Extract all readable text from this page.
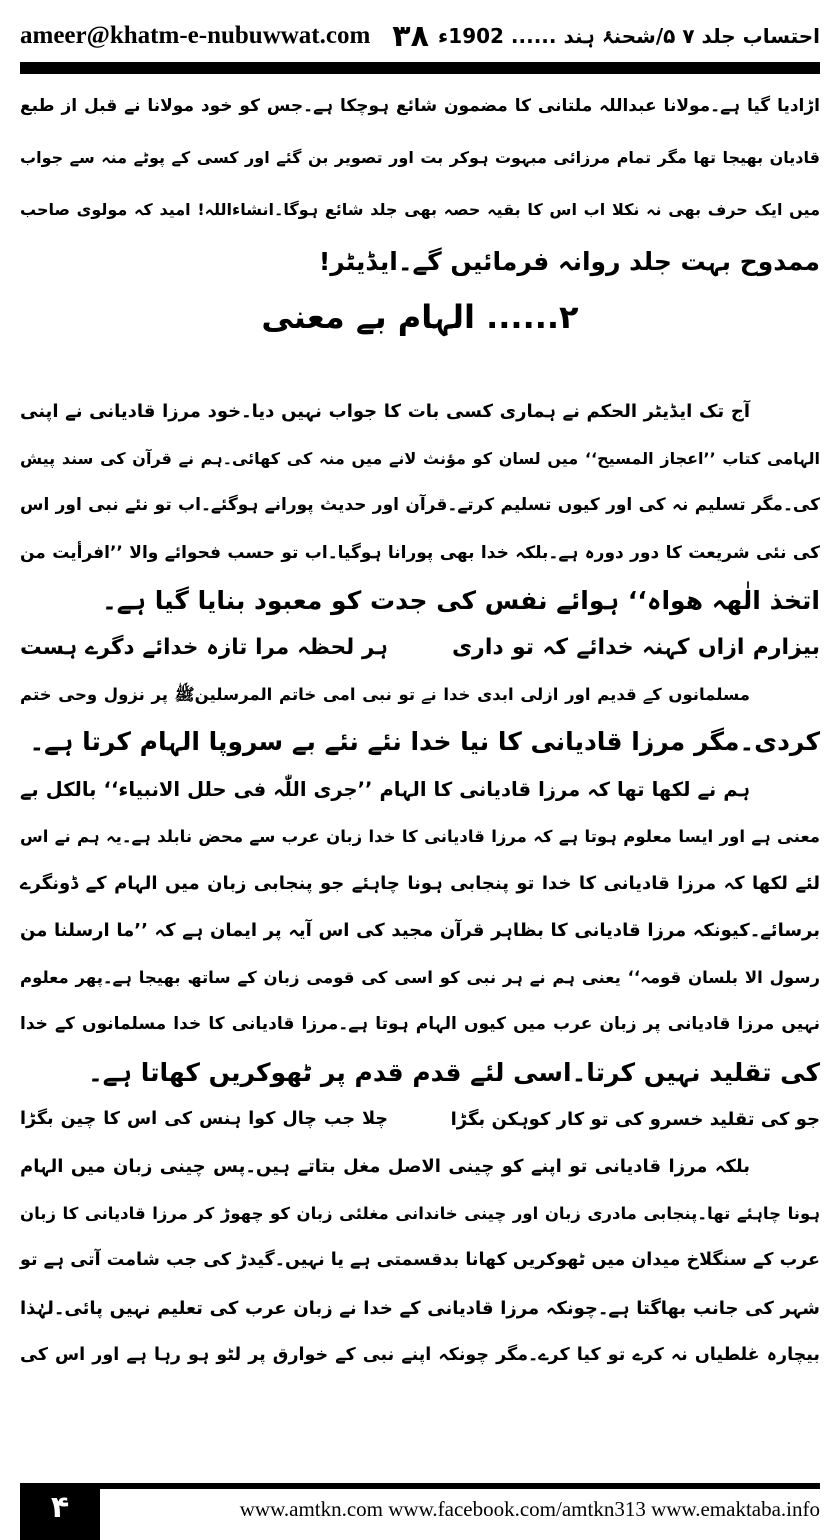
ameer@khatm-e-nubuwwat.com ۳۸ احتساب جلد ۷ ۵/شحنۂ ہند ...... 1902ء
اڑادیا گیا ہے۔مولانا عبداللہ ملتانی کا مضمون شائع ہوچکا ہے۔جس کو خود مولانا نے قبل از طبع
قادیان بھیجا تھا مگر تمام مرزائی مبہوت ہوکر بت اور تصویر بن گئے اور کسی کے پوٹے منہ سے جواب
میں ایک حرف بھی نہ نکلا اب اس کا بقیہ حصہ بھی جلد شائع ہوگا۔انشاءاللہ! امید کہ مولوی صاحب
ممدوح بہت جلد روانہ فرمائیں گے۔ایڈیٹر!
۲...... الہام بے معنی
آج تک ایڈیٹر الحکم نے ہماری کسی بات کا جواب نہیں دیا۔خود مرزا قادیانی نے اپنی
الہامی کتاب ’’اعجاز المسیح‘‘ میں لسان کو مؤنث لانے میں منہ کی کھائی۔ہم نے قرآن کی سند پیش
کی۔مگر تسلیم نہ کی اور کیوں تسلیم کرتے۔قرآن اور حدیث پورانے ہوگئے۔اب تو نئے نبی اور اس
کی نئی شریعت کا دور دورہ ہے۔بلکہ خدا بھی پورانا ہوگیا۔اب تو حسب فحوائے والا ’’افرأیت من
اتخذ الٰھہ ھواہ‘‘ ہوائے نفس کی جدت کو معبود بنایا گیا ہے۔
بیزارم ازاں کہنہ خدائے کہ تو داری
ہر لحظہ مرا تازہ خدائے دگرے ہست
مسلمانوں کے قدیم اور ازلی ابدی خدا نے تو نبی امی خاتم المرسلینﷺ پر نزول وحی ختم
کردی۔مگر مرزا قادیانی کا نیا خدا نئے نئے بے سروپا الہام کرتا ہے۔
ہم نے لکھا تھا کہ مرزا قادیانی کا الہام ’’جری اللّٰہ فی حلل الانبیاء‘‘ بالکل بے
معنی ہے اور ایسا معلوم ہوتا ہے کہ مرزا قادیانی کا خدا زبان عرب سے محض نابلد ہے۔یہ ہم نے اس
لئے لکھا کہ مرزا قادیانی کا خدا تو پنجابی ہونا چاہئے جو پنجابی زبان میں الہام کے ڈونگرے
برسائے۔کیونکہ مرزا قادیانی کا بظاہر قرآن مجید کی اس آیہ پر ایمان ہے کہ ’’ما ارسلنا من
رسول الا بلسان قومہ‘‘ یعنی ہم نے ہر نبی کو اسی کی قومی زبان کے ساتھ بھیجا ہے۔پھر معلوم
نہیں مرزا قادیانی پر زبان عرب میں کیوں الہام ہوتا ہے۔مرزا قادیانی کا خدا مسلمانوں کے خدا
کی تقلید نہیں کرتا۔اسی لئے قدم قدم پر ٹھوکریں کھاتا ہے۔
جو کی تقلید خسرو کی تو کار کوہکن بگڑا
چلا جب چال کوا ہنس کی اس کا چین بگڑا
بلکہ مرزا قادیانی تو اپنے کو چینی الاصل مغل بتاتے ہیں۔پس چینی زبان میں الہام
ہونا چاہئے تھا۔پنجابی مادری زبان اور چینی خاندانی مغلئی زبان کو چھوڑ کر مرزا قادیانی کا زبان
عرب کے سنگلاخ میدان میں ٹھوکریں کھانا بدقسمتی ہے یا نہیں۔گیدڑ کی جب شامت آتی ہے تو
شہر کی جانب بھاگتا ہے۔چونکہ مرزا قادیانی کے خدا نے زبان عرب کی تعلیم نہیں پائی۔لہٰذا
بیچارہ غلطیاں نہ کرے تو کیا کرے۔مگر چونکہ اپنے نبی کے خوارق پر لٹو ہو رہا ہے اور اس کی
۴	www.amtkn.com www.facebook.com/amtkn313 www.emaktaba.info
